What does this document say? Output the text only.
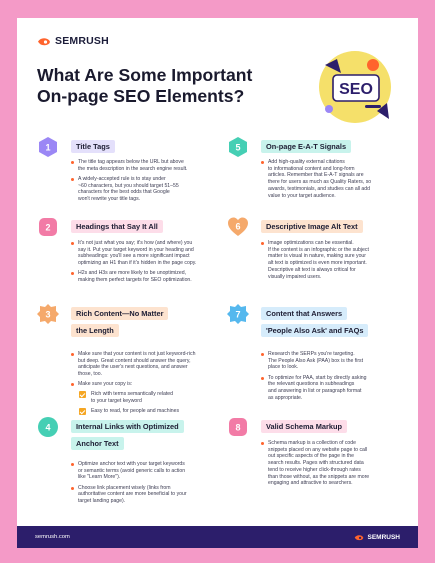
SEMRUSH
What Are Some Important
On-page SEO Elements?	SEO
1	Title Tags
The title tag appears below the URL but above
the meta description in the search engine result.
A widely-accepted rule is to stay under
~60 characters, but you should target 51–55
characters for the best odds that Google
won't rewrite your title tags.
2	Headings that Say It All
It's not just what you say; it's how (and where) you
say it. Put your target keyword in your heading and
subheadings: you'll see a more significant impact
optimizing an H1 than if it's hidden in the page copy.
H2s and H3s are more likely to be unoptimized,
making them perfect targets for SEO optimization.
3	Rich Content—No Matter
the Length
Make sure that your content is not just keyword-rich
but deep. Great content should answer the query,
anticipate the user's next questions, and answer
those, too.
Make sure your copy is:
Rich with terms semantically related
to your target keyword
Easy to read, for people and machines
4	Internal Links with Optimized
Anchor Text
Optimize anchor text with your target keywords
or semantic terms (avoid generic calls to action
like "Learn More").
Choose link placement wisely (links from
authoritative content are more beneficial to your
target landing page).
5	On-page E-A-T Signals
Add high-quality external citations
to informational content and long-form
articles. Remember that E-A-T signals are
there for users as much as Quality Raters, so
awards, testimonials, and studies can all add
value to your target audience.
6	Descriptive Image Alt Text
Image optimizations can be essential.
If the content is an infographic or the subject
matter is visual in nature, making sure your
alt text is optimized is even more important.
Descriptive alt text is always critical for
visually impaired users.
7	Content that Answers
'People Also Ask' and FAQs
Research the SERPs you're targeting.
The People Also Ask (PAA) box is the first
place to look.
To optimize for PAA, start by directly asking
the relevant questions in subheadings
and answering in list or paragraph format
as appropriate.
8	Valid Schema Markup
Schema markup is a collection of code
snippets placed on any website page to call
out specific aspects of the page in the
search results. Pages with structured data
tend to receive higher click-through rates
than those without, as the snippets are more
engaging and attractive to searchers.
semrush.com	SEMRUSH
